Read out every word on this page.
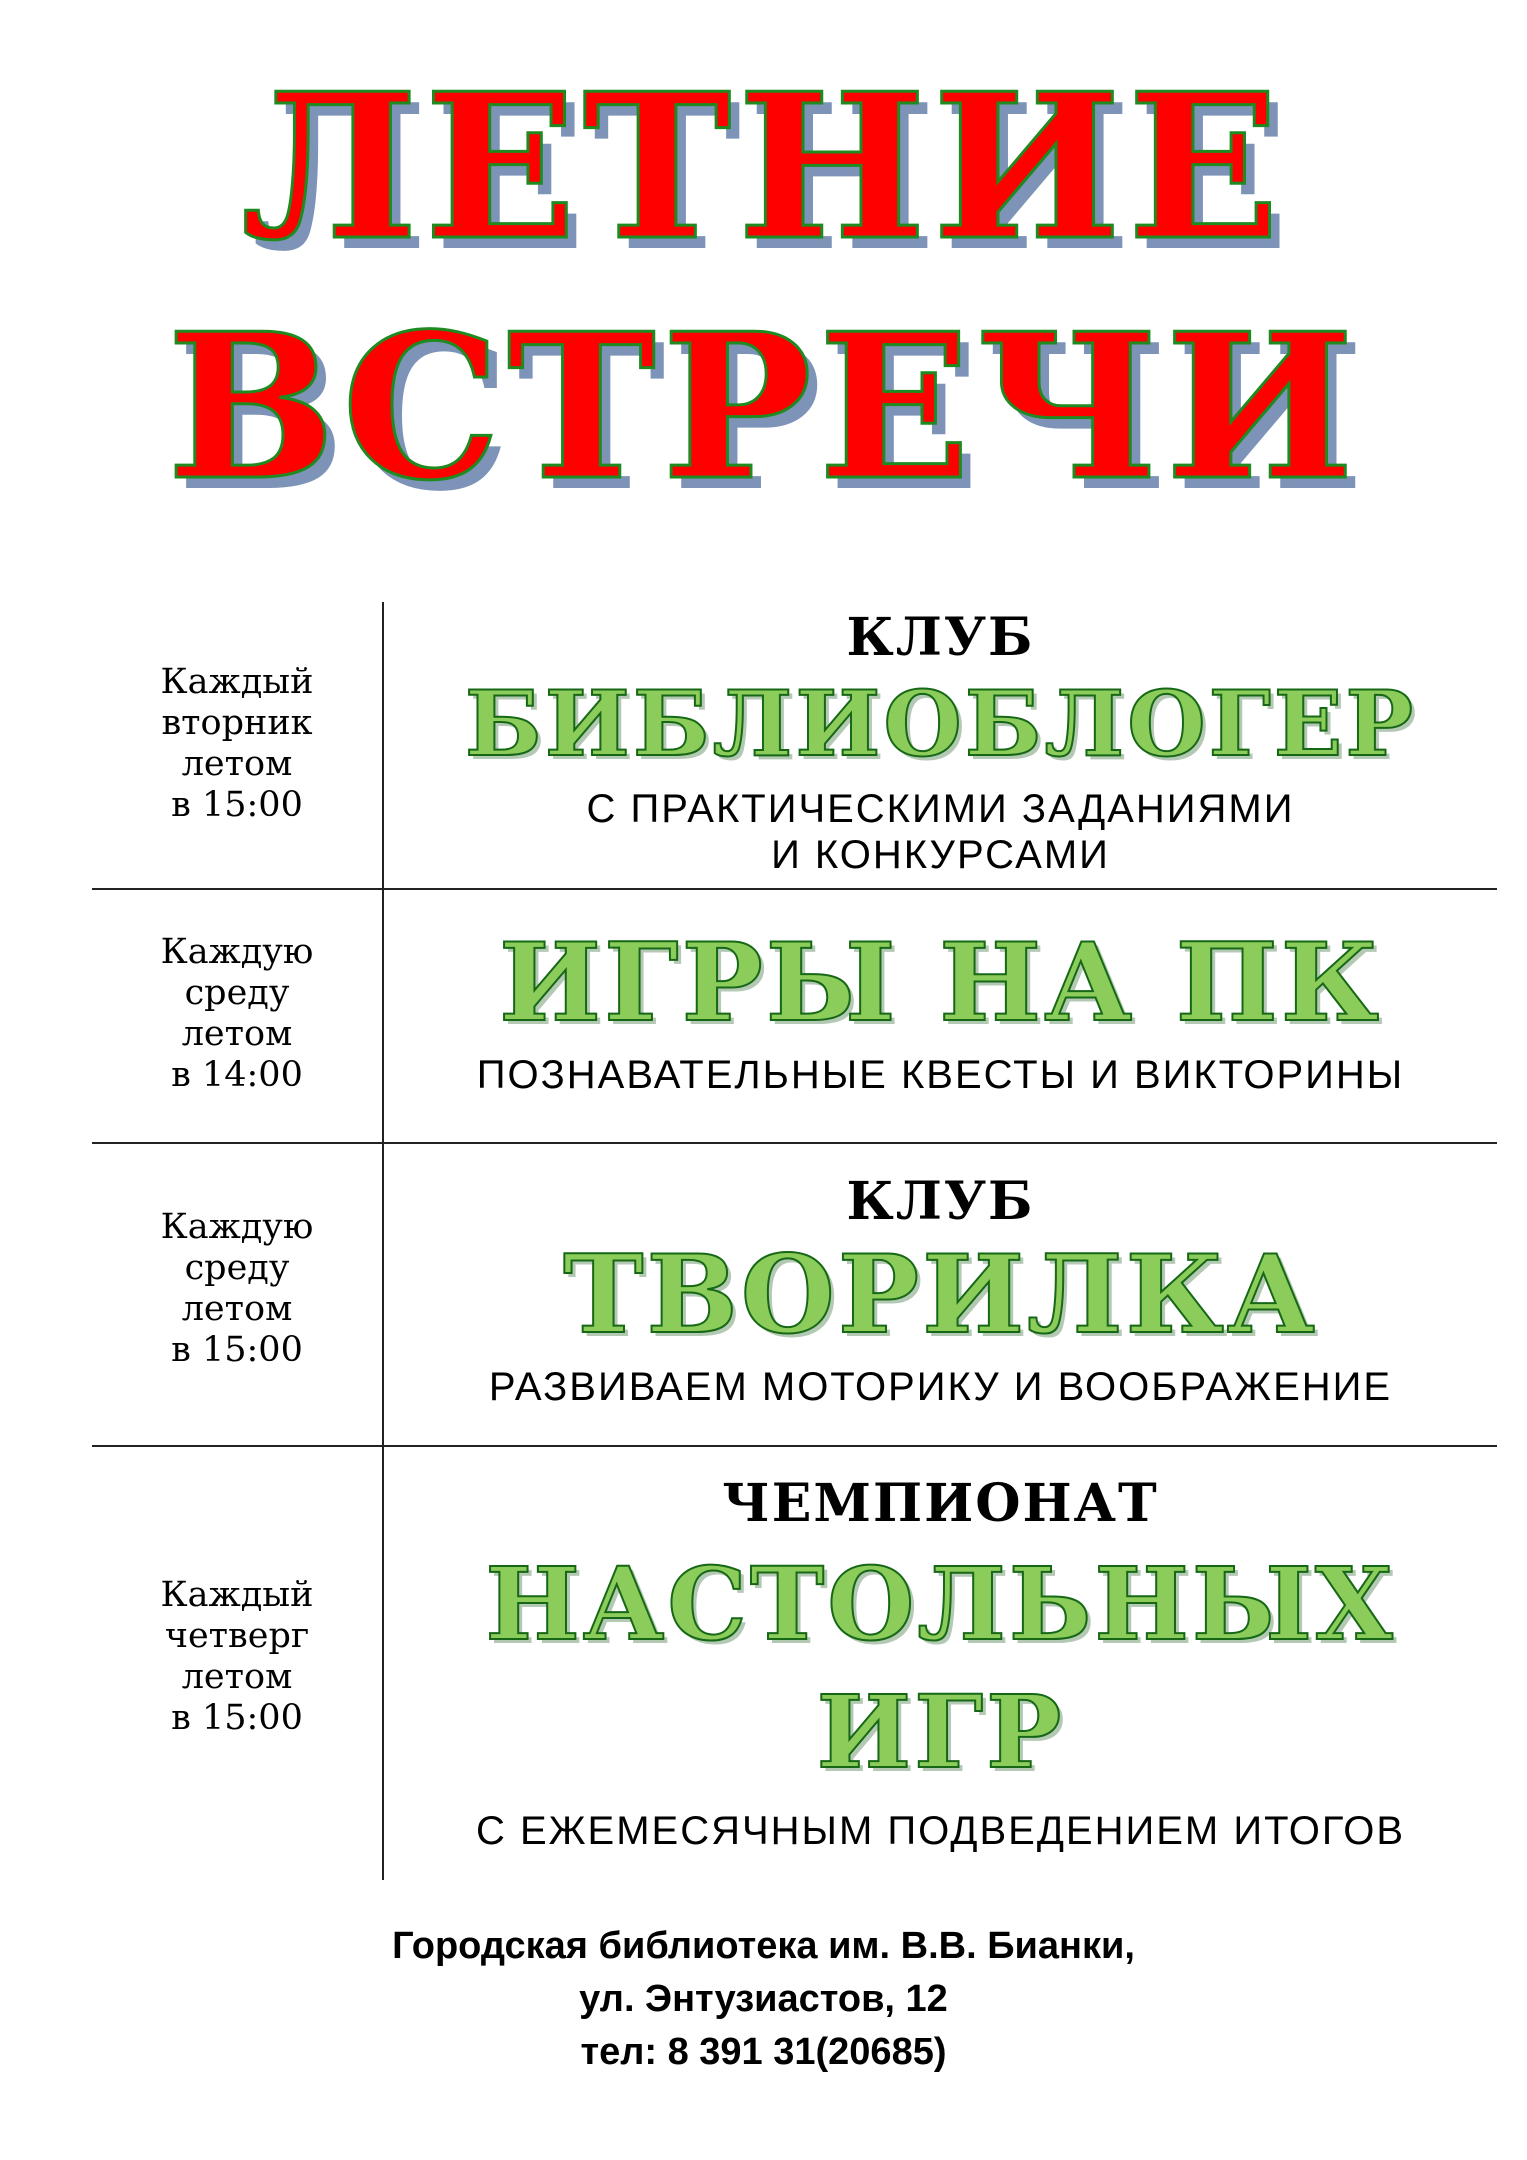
ЛЕТНИЕ
ВСТРЕЧИ
Каждый
вторник
летом
в 15:00
КЛУБ
БИБЛИОБЛОГЕР
С ПРАКТИЧЕСКИМИ ЗАДАНИЯМИ
И КОНКУРСАМИ
Каждую
среду
летом
в 14:00
ИГРЫ НА ПК
ПОЗНАВАТЕЛЬНЫЕ КВЕСТЫ И ВИКТОРИНЫ
Каждую
среду
летом
в 15:00
КЛУБ
ТВОРИЛКА
РАЗВИВАЕМ МОТОРИКУ И ВООБРАЖЕНИЕ
Каждый
четверг
летом
в 15:00
ЧЕМПИОНАТ
НАСТОЛЬНЫХ
ИГР
С ЕЖЕМЕСЯЧНЫМ ПОДВЕДЕНИЕМ ИТОГОВ
Городская библиотека им. В.В. Бианки,
ул. Энтузиастов, 12
тел: 8 391 31(20685)
